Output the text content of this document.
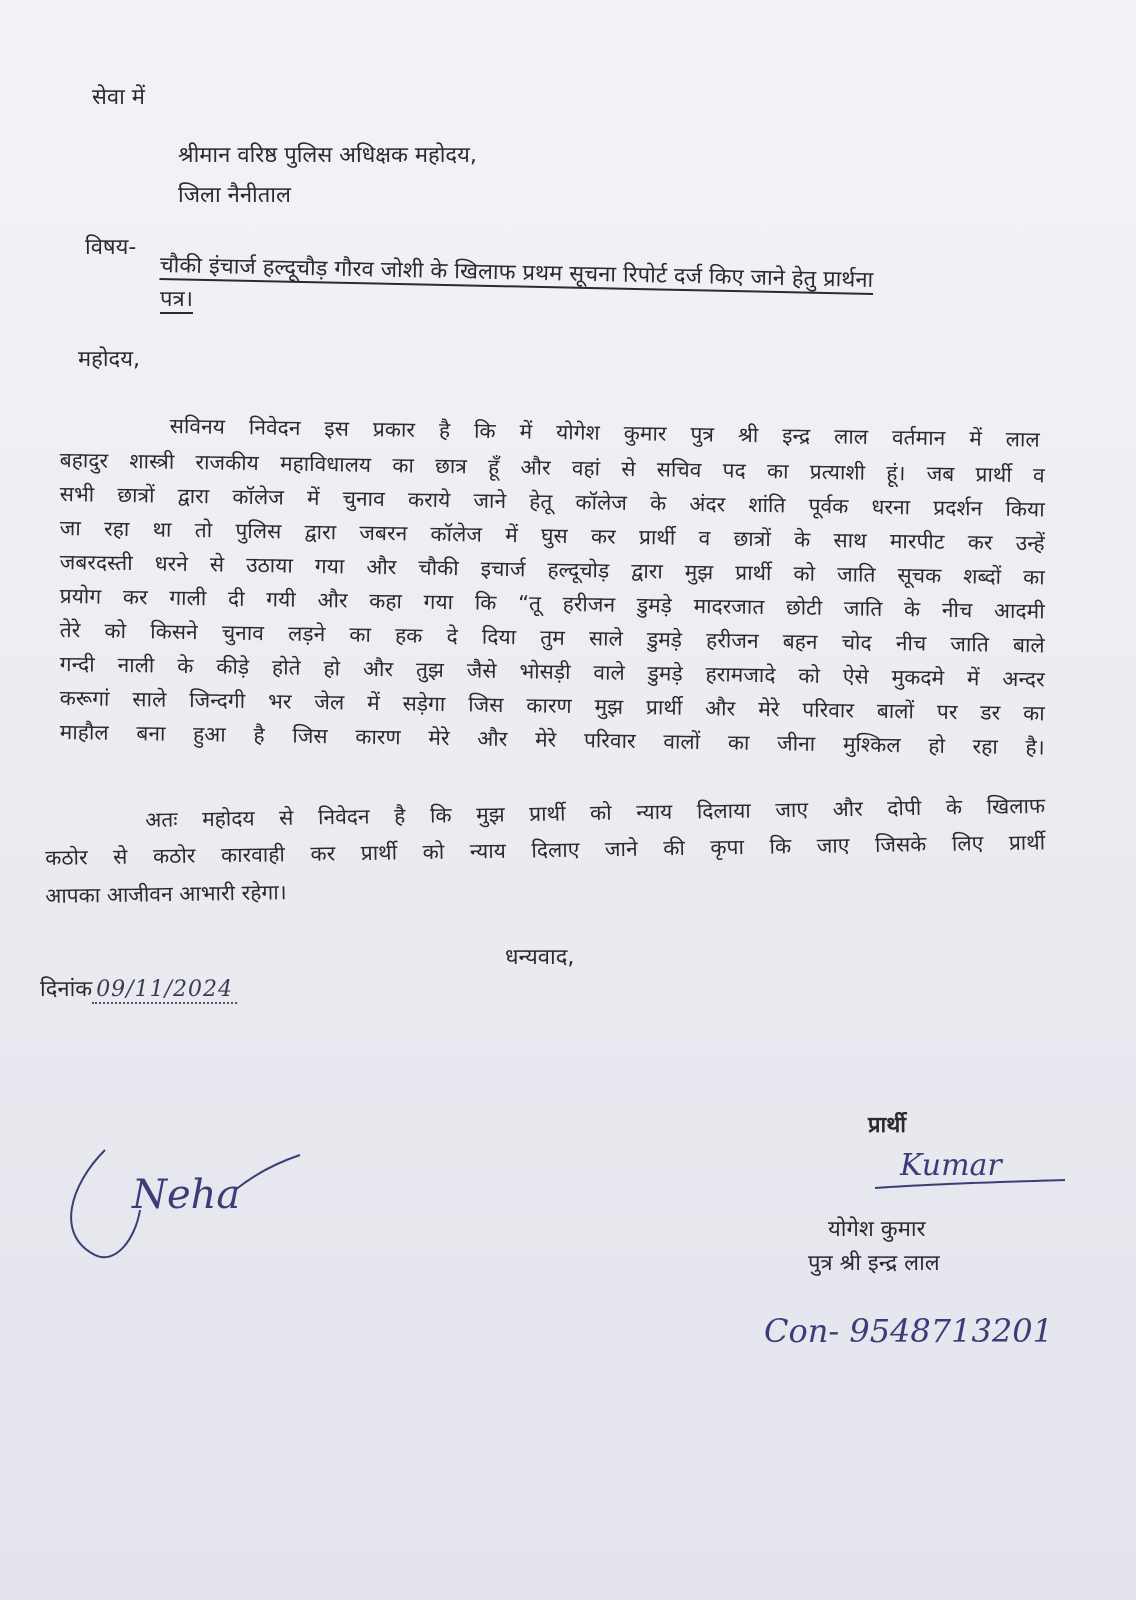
सेवा में
श्रीमान वरिष्ठ पुलिस अधिक्षक महोदय,
जिला नैनीताल
विषय-
चौकी इंचार्ज हल्दूचौड़ गौरव जोशी के खिलाफ प्रथम सूचना रिपोर्ट दर्ज किए जाने हेतु प्रार्थना
पत्र।
महोदय,
सविनय निवेदन इस प्रकार है कि में योगेश कुमार पुत्र श्री इन्द्र लाल वर्तमान में लाल
बहादुर शास्त्री राजकीय महाविधालय का छात्र हूँ और वहां से सचिव पद का प्रत्याशी हूं। जब प्रार्थी व
सभी छात्रों द्वारा कॉलेज में चुनाव कराये जाने हेतू कॉलेज के अंदर शांति पूर्वक धरना प्रदर्शन किया
जा रहा था तो पुलिस द्वारा जबरन कॉलेज में घुस कर प्रार्थी व छात्रों के साथ मारपीट कर उन्हें
जबरदस्ती धरने से उठाया गया और चौकी इचार्ज हल्दूचोड़ द्वारा मुझ प्रार्थी को जाति सूचक शब्दों का
प्रयोग कर गाली दी गयी और कहा गया कि “तू हरीजन डुमड़े मादरजात छोटी जाति के नीच आदमी
तेरे को किसने चुनाव लड़ने का हक दे दिया तुम साले डुमड़े हरीजन बहन चोद नीच जाति बाले
गन्दी नाली के कीड़े होते हो और तुझ जैसे भोसड़ी वाले डुमड़े हरामजादे को ऐसे मुकदमे में अन्दर
करूगां साले जिन्दगी भर जेल में सड़ेगा जिस कारण मुझ प्रार्थी और मेरे परिवार बालों पर डर का
माहौल बना हुआ है जिस कारण मेरे और मेरे परिवार वालों का जीना मुश्किल हो रहा है।
अतः महोदय से निवेदन है कि मुझ प्रार्थी को न्याय दिलाया जाए और दोपी के खिलाफ
कठोर से कठोर कारवाही कर प्रार्थी को न्याय दिलाए जाने की कृपा कि जाए जिसके लिए प्रार्थी
आपका आजीवन आभारी रहेगा।
धन्यवाद,
दिनांक 09/11/2024
प्रार्थी
Kumar
योगेश कुमार
पुत्र श्री इन्द्र लाल
Con- 9548713201
Neha
